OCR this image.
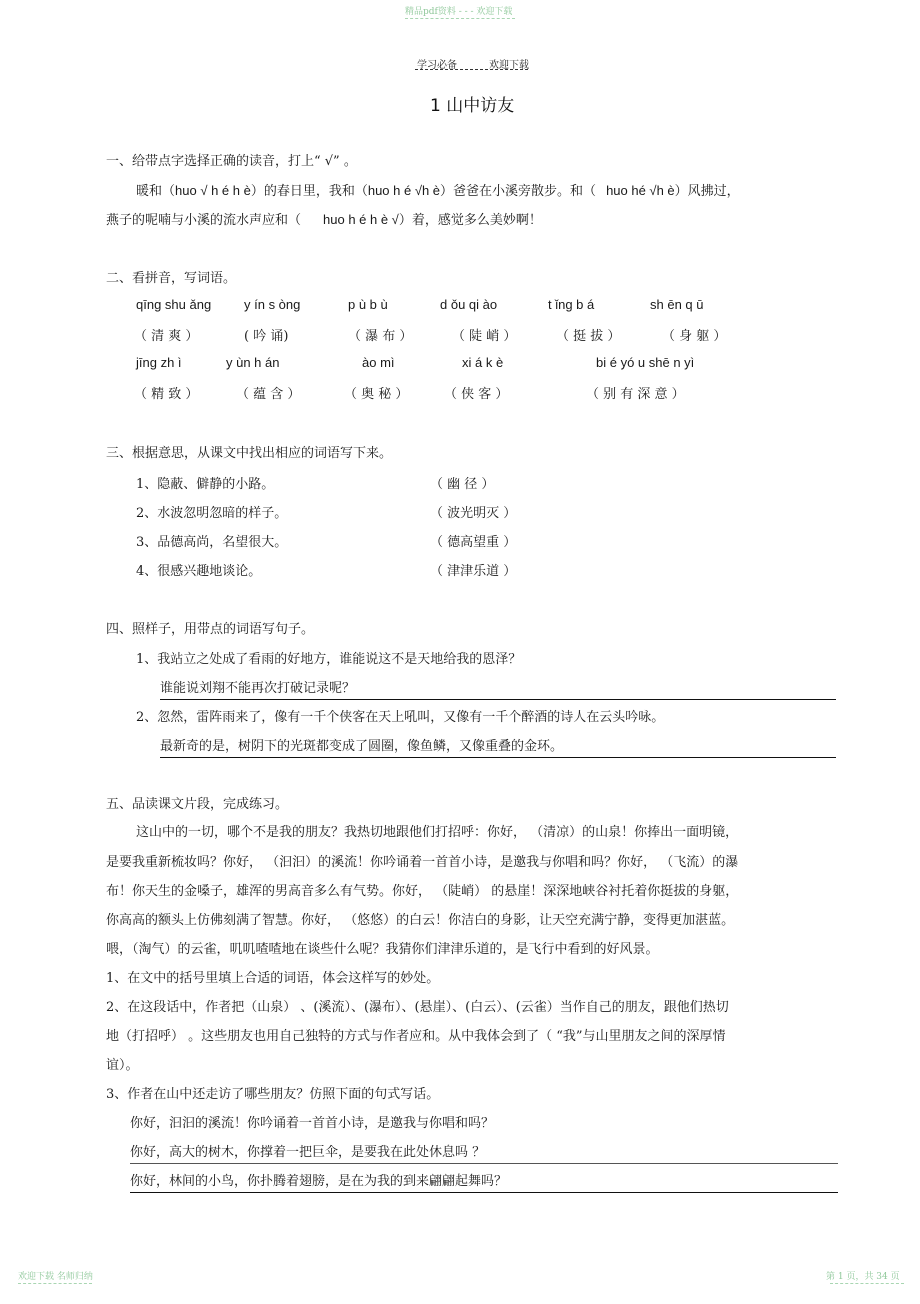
精品pdf资料 - - - 欢迎下载
学习必备	欢迎下载
1 山中访友
一、给带点字选择正确的读音，打上“ √” 。
暖和（huo √ h é h è）的春日里，我和（huo h é √h è）爸爸在小溪旁散步。和（ huo hé √h è）风拂过，
燕子的呢喃与小溪的流水声应和（ huo h é h è √）着，感觉多么美妙啊！
二、看拼音，写词语。
qīng shu ǎng	y ín s òng	p ù b ù	d ǒu qi ào	t ǐng b á	sh ēn q ū
（ 清 爽 ）	( 吟 诵)	（ 瀑 布 ）	（ 陡 峭 ）	（ 挺 拔 ）	（ 身 躯 ）
jīng zh ì	y ùn h án	ào mì	xi á k è	bi é yó u shē n yì
（ 精 致 ）	（ 蕴 含 ）	（ 奥 秘 ）	（ 侠 客 ）	（ 别 有 深 意 ）
三、根据意思，从课文中找出相应的词语写下来。
1、隐蔽、僻静的小路。	（ 幽 径 ）
2、水波忽明忽暗的样子。	（ 波光明灭 ）
3、品德高尚，名望很大。	（ 德高望重 ）
4、很感兴趣地谈论。	（ 津津乐道 ）
四、照样子，用带点的词语写句子。
1、我站立之处成了看雨的好地方，谁能说这不是天地给我的恩泽？
谁能说刘翔不能再次打破记录呢？
2、忽然，雷阵雨来了，像有一千个侠客在天上吼叫，又像有一千个醉酒的诗人在云头吟咏。
最新奇的是，树阴下的光斑都变成了圆圈，像鱼鳞，又像重叠的金环。
五、品读课文片段，完成练习。
这山中的一切，哪个不是我的朋友？我热切地跟他们打招呼：你好， （清凉）的山泉！你捧出一面明镜，
是要我重新梳妆吗？你好， （汩汩）的溪流！你吟诵着一首首小诗，是邀我与你唱和吗？你好， （飞流）的瀑
布！你天生的金嗓子，雄浑的男高音多么有气势。你好， （陡峭） 的悬崖！深深地峡谷衬托着你挺拔的身躯，
你高高的额头上仿佛刻满了智慧。你好， （悠悠）的白云！你洁白的身影，让天空充满宁静，变得更加湛蓝。
喂，（淘气）的云雀，叽叽喳喳地在谈些什么呢？我猜你们津津乐道的，是飞行中看到的好风景。
1、在文中的括号里填上合适的词语，体会这样写的妙处。
2、在这段话中，作者把（山泉） 、(溪流）、(瀑布）、(悬崖）、(白云）、(云雀）当作自己的朋友，跟他们热切
地（打招呼） 。这些朋友也用自己独特的方式与作者应和。从中我体会到了（ “我”与山里朋友之间的深厚情
谊）。
3、作者在山中还走访了哪些朋友？仿照下面的句式写话。
你好，汩汩的溪流！你吟诵着一首首小诗，是邀我与你唱和吗？
你好，高大的树木，你撑着一把巨伞，是要我在此处休息吗 ？
你好，林间的小鸟，你扑腾着翅膀，是在为我的到来翩翩起舞吗？
欢迎下载 名师归纳	第 1 页，共 34 页
